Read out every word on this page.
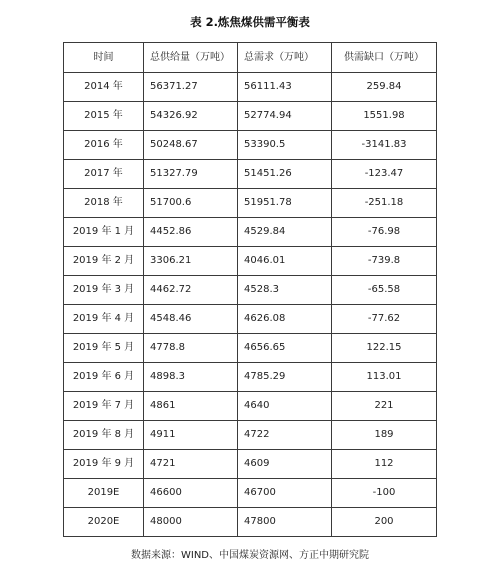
表 2.炼焦煤供需平衡表
时间	总供给量（万吨）	总需求（万吨）	供需缺口（万吨）
2014 年	56371.27	56111.43	259.84
2015 年	54326.92	52774.94	1551.98
2016 年	50248.67	53390.5	-3141.83
2017 年	51327.79	51451.26	-123.47
2018 年	51700.6	51951.78	-251.18
2019 年 1 月	4452.86	4529.84	-76.98
2019 年 2 月	3306.21	4046.01	-739.8
2019 年 3 月	4462.72	4528.3	-65.58
2019 年 4 月	4548.46	4626.08	-77.62
2019 年 5 月	4778.8	4656.65	122.15
2019 年 6 月	4898.3	4785.29	113.01
2019 年 7 月	4861	4640	221
2019 年 8 月	4911	4722	189
2019 年 9 月	4721	4609	112
2019E	46600	46700	-100
2020E	48000	47800	200
数据来源：WIND、中国煤炭资源网、方正中期研究院
